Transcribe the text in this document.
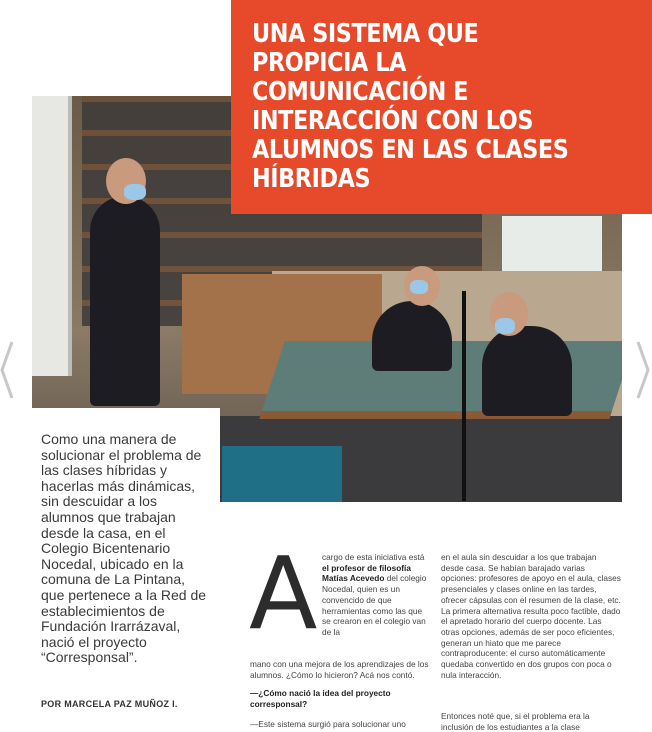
UNA SISTEMA QUE PROPICIA LA COMUNICACIÓN E INTERACCIÓN CON LOS ALUMNOS EN LAS CLASES HÍBRIDAS

Como una manera de solucionar el problema de las clases híbridas y hacerlas más dinámicas, sin descuidar a los alumnos que trabajan desde la casa, en el Colegio Bicentenario Nocedal, ubicado en la comuna de La Pintana, que pertenece a la Red de establecimientos de Fundación Irarrázaval, nació el proyecto “Corresponsal”.

POR MARCELA PAZ MUÑOZ I.

A cargo de esta iniciativa está el profesor de filosofía Matías Acevedo del colegio Nocedal, quien es un convencido de que herramientas como las que se crearon en el colegio van de la

mano con una mejora de los aprendizajes de los alumnos. ¿Cómo lo hicieron? Acá nos contó.

—¿Cómo nació la idea del proyecto corresponsal?

—Este sistema surgió para solucionar uno

en el aula sin descuidar a los que trabajan desde casa. Se habían barajado varias opciones: profesores de apoyo en el aula, clases presenciales y clases online en las tardes, ofrecer cápsulas con el resumen de la clase, etc. La primera alternativa resulta poco factible, dado el apretado horario del cuerpo docente. Las otras opciones, además de ser poco eficientes, generan un hiato que me parece contraproducente: el curso automáticamente quedaba convertido en dos grupos con poca o nula interacción.

Entonces noté que, si el problema era la inclusión de los estudiantes a la clase
